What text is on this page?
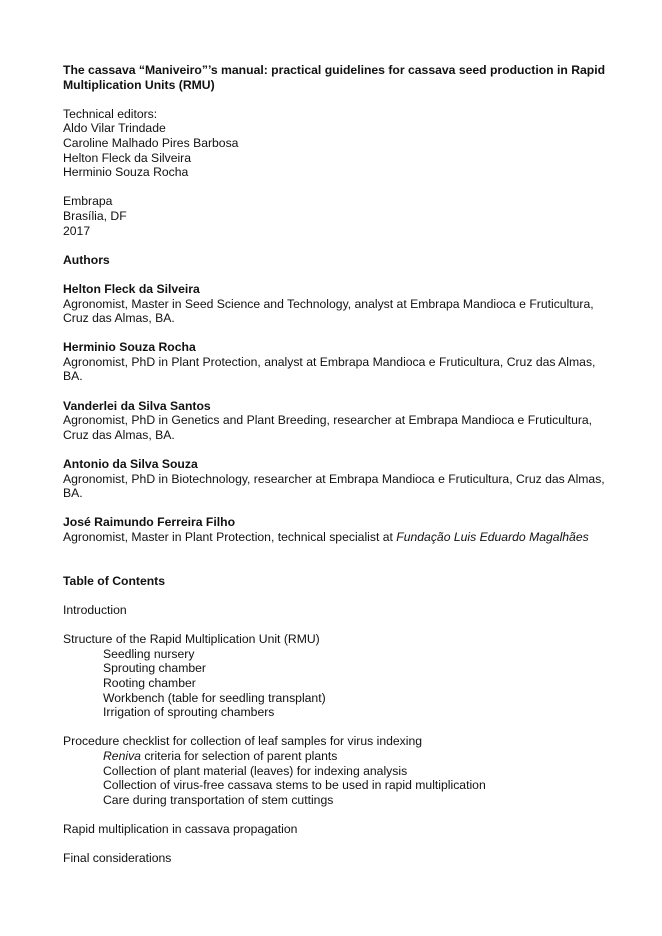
The cassava “Maniveiro”’s manual: practical guidelines for cassava seed production in Rapid Multiplication Units (RMU)

Technical editors:
Aldo Vilar Trindade
Caroline Malhado Pires Barbosa
Helton Fleck da Silveira
Herminio Souza Rocha
Embrapa
Brasília, DF
2017

Authors

Helton Fleck da Silveira
Agronomist, Master in Seed Science and Technology, analyst at Embrapa Mandioca e Fruticultura, Cruz das Almas, BA.
Herminio Souza Rocha
Agronomist, PhD in Plant Protection, analyst at Embrapa Mandioca e Fruticultura, Cruz das Almas, BA.
Vanderlei da Silva Santos
Agronomist, PhD in Genetics and Plant Breeding, researcher at Embrapa Mandioca e Fruticultura, Cruz das Almas, BA.
Antonio da Silva Souza
Agronomist, PhD in Biotechnology, researcher at Embrapa Mandioca e Fruticultura, Cruz das Almas, BA.
José Raimundo Ferreira Filho
Agronomist, Master in Plant Protection, technical specialist at Fundação Luis Eduardo Magalhães

Table of Contents

Introduction

Structure of the Rapid Multiplication Unit (RMU)
Seedling nursery
Sprouting chamber
Rooting chamber
Workbench (table for seedling transplant)
Irrigation of sprouting chambers
Procedure checklist for collection of leaf samples for virus indexing
Reniva criteria for selection of parent plants
Collection of plant material (leaves) for indexing analysis
Collection of virus-free cassava stems to be used in rapid multiplication
Care during transportation of stem cuttings

Rapid multiplication in cassava propagation

Final considerations
